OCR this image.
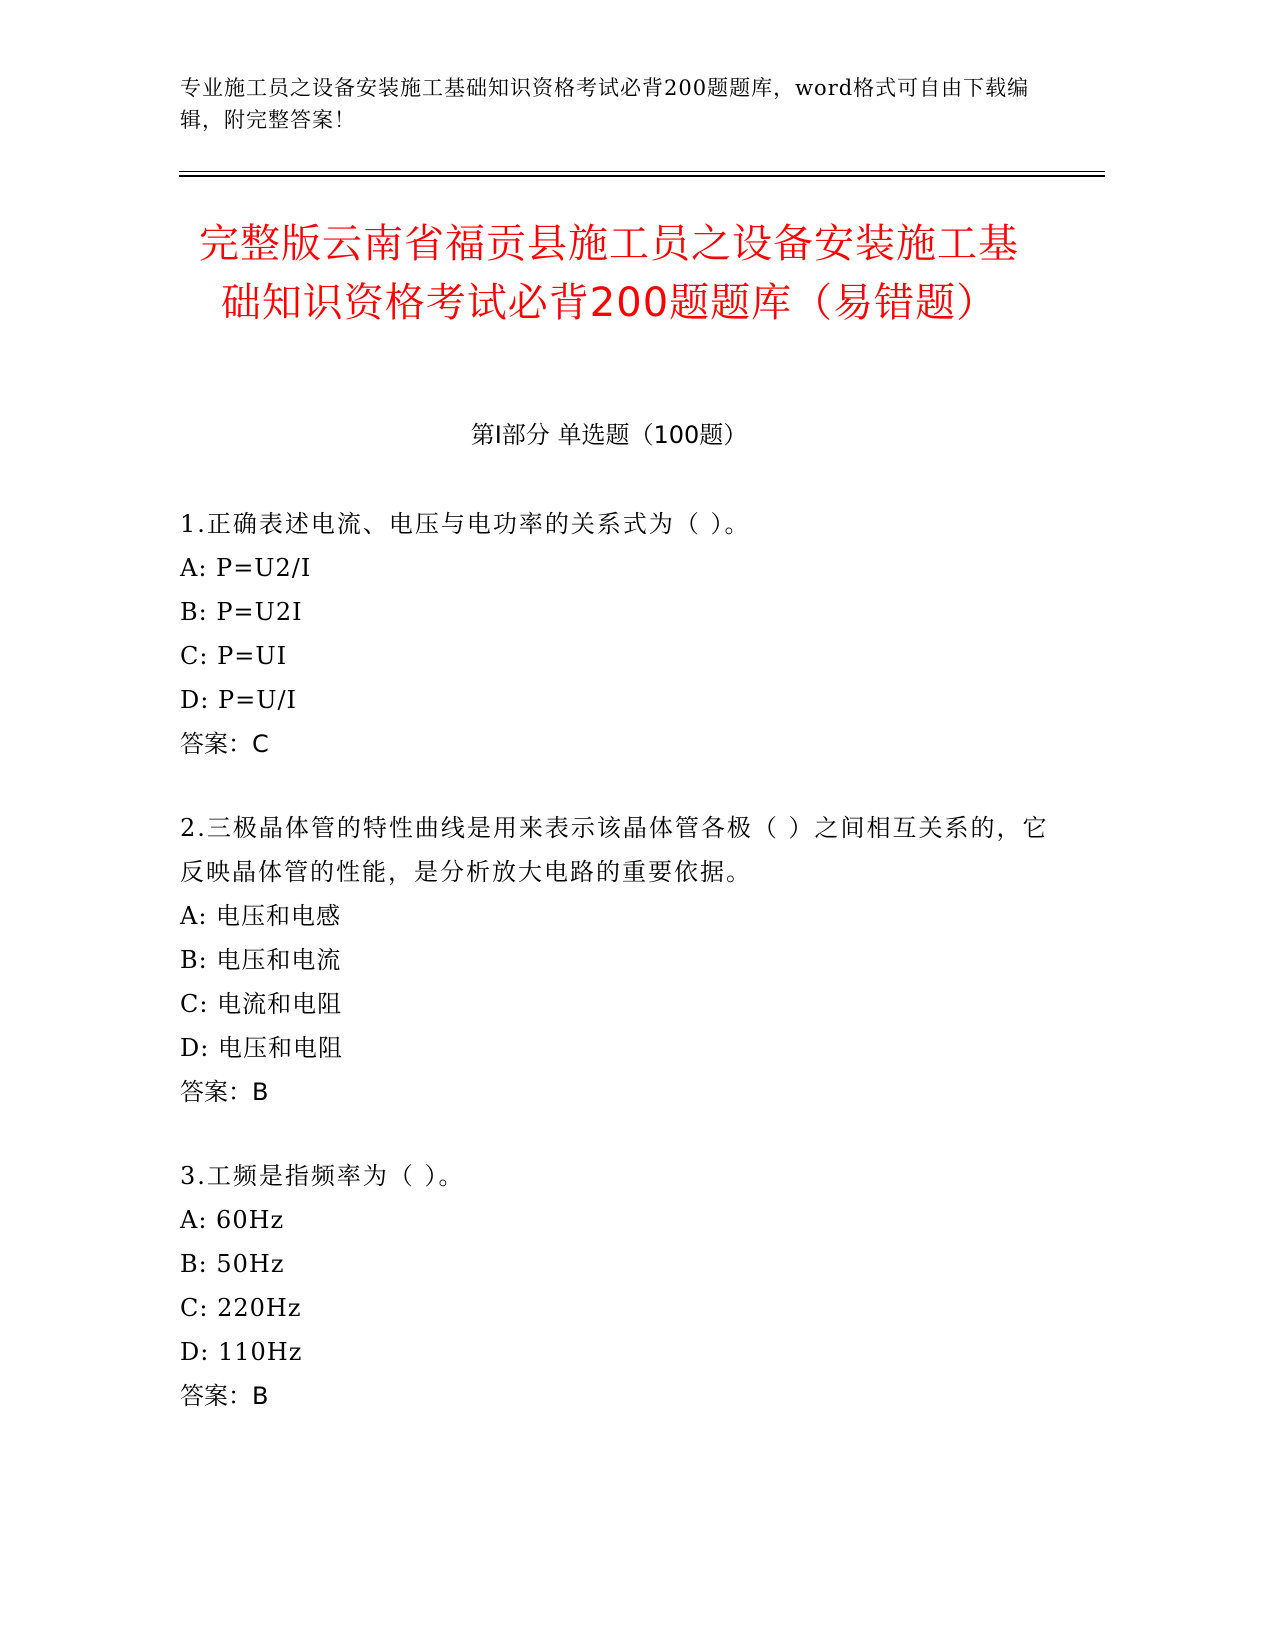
专业施工员之设备安装施工基础知识资格考试必背200题题库，word格式可自由下载编辑，附完整答案！
完整版云南省福贡县施工员之设备安装施工基础知识资格考试必背200题题库（易错题）
第Ⅰ部分 单选题（100题）
1.正确表述电流、电压与电功率的关系式为（ ）。
A: P=U2/I
B: P=U2I
C: P=UI
D: P=U/I
答案：C
2.三极晶体管的特性曲线是用来表示该晶体管各极（ ）之间相互关系的，它反映晶体管的性能，是分析放大电路的重要依据。
A: 电压和电感
B: 电压和电流
C: 电流和电阻
D: 电压和电阻
答案：B
3.工频是指频率为（ ）。
A: 60Hz
B: 50Hz
C: 220Hz
D: 110Hz
答案：B
